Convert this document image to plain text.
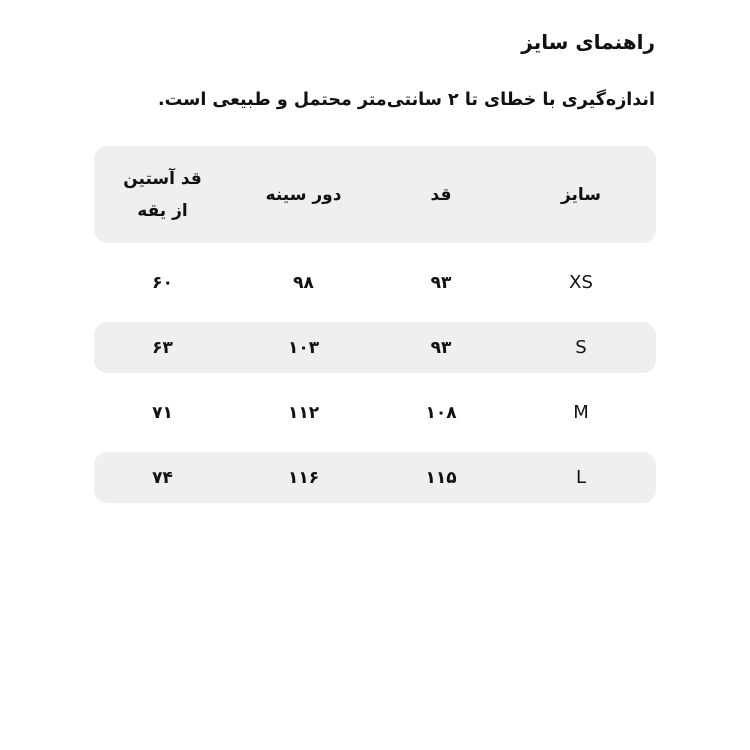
راهنمای سایز
اندازه‌گیری با خطای تا ۲ سانتی‌متر محتمل و طبیعی است.
سایز
قد
دور سینه
قد آستین
از یقه
XS
۹۳
۹۸
۶۰
S
۹۳
۱۰۳
۶۳
M
۱۰۸
۱۱۲
۷۱
L
۱۱۵
۱۱۶
۷۴
